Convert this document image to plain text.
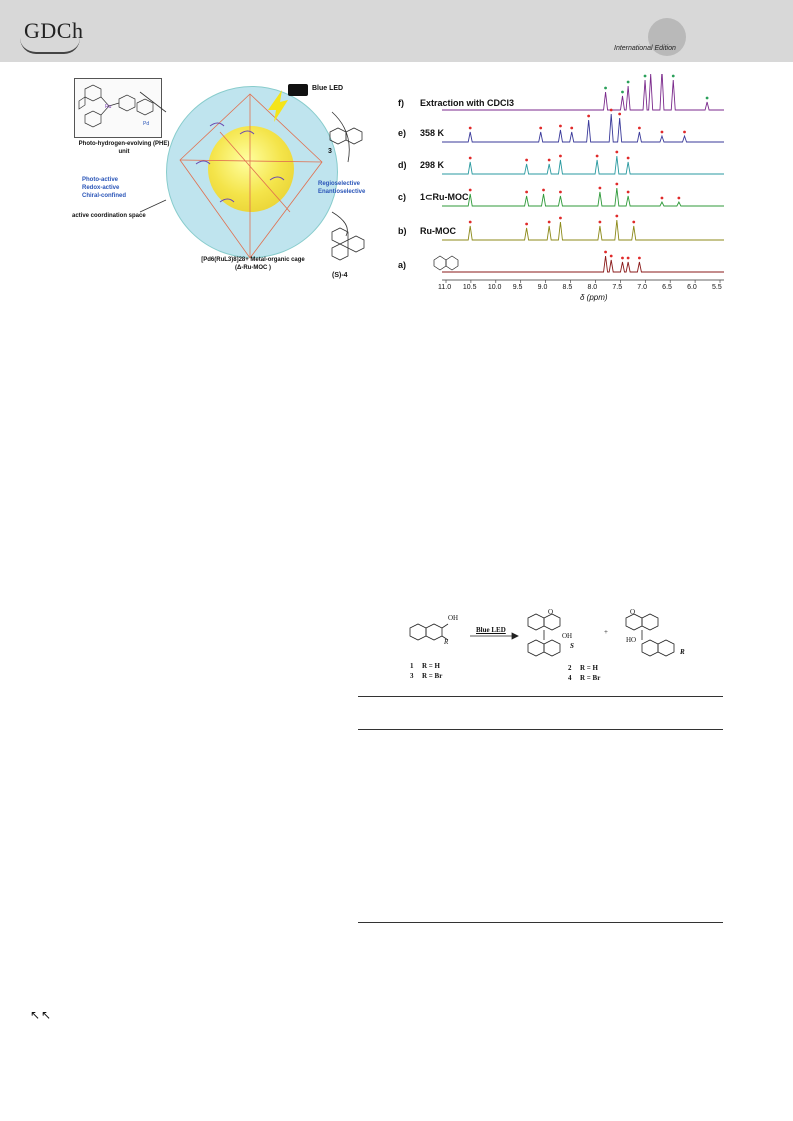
GDCh
International Edition
Ru
Pd
Photo-hydrogen-evolving (PHE) unit
Blue LED
3
(S)-4
Regioselective
Enantioselective
Photo-active
Redox-active
Chiral-confined
active coordination space
[Pd6(RuL3)8]28+ Metal-organic cage
(Δ-Ru-MOC )
f) Extraction with CDCl3
e) 358 K
d) 298 K
c) 1⊂Ru-MOC
b) Ru-MOC
a)
11.0 10.5 10.0 9.5 9.0 8.5 8.0 7.5 7.0 6.5 6.0 5.5
δ (ppm)
OH
R
Blue LED
O
OH
S
+
O
HO
R
1 R = H
3 R = Br
2 R = H
4 R = Br
↖↖
